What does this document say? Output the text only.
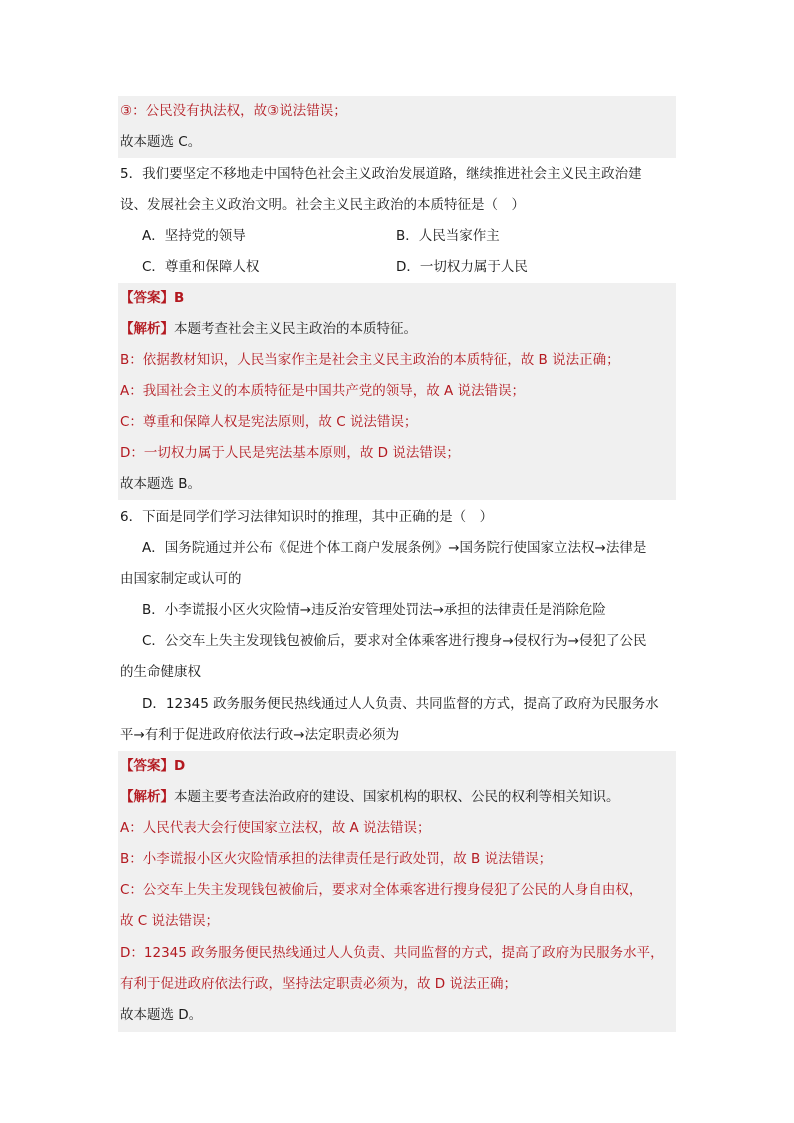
③：公民没有执法权，故③说法错误；
故本题选 C。
5．我们要坚定不移地走中国特色社会主义政治发展道路，继续推进社会主义民主政治建
设、发展社会主义政治文明。社会主义民主政治的本质特征是（　）
A．坚持党的领导	B．人民当家作主
C．尊重和保障人权	D．一切权力属于人民
【答案】B
【解析】本题考查社会主义民主政治的本质特征。
B：依据教材知识，人民当家作主是社会主义民主政治的本质特征，故 B 说法正确；
A：我国社会主义的本质特征是中国共产党的领导，故 A 说法错误；
C：尊重和保障人权是宪法原则，故 C 说法错误；
D：一切权力属于人民是宪法基本原则，故 D 说法错误；
故本题选 B。
6．下面是同学们学习法律知识时的推理，其中正确的是（　）
A．国务院通过并公布《促进个体工商户发展条例》→国务院行使国家立法权→法律是
由国家制定或认可的
B．小李谎报小区火灾险情→违反治安管理处罚法→承担的法律责任是消除危险
C．公交车上失主发现钱包被偷后，要求对全体乘客进行搜身→侵权行为→侵犯了公民
的生命健康权
D．12345 政务服务便民热线通过人人负责、共同监督的方式，提高了政府为民服务水
平→有利于促进政府依法行政→法定职责必须为
【答案】D
【解析】本题主要考查法治政府的建设、国家机构的职权、公民的权利等相关知识。
A：人民代表大会行使国家立法权，故 A 说法错误；
B：小李谎报小区火灾险情承担的法律责任是行政处罚，故 B 说法错误；
C：公交车上失主发现钱包被偷后，要求对全体乘客进行搜身侵犯了公民的人身自由权，
故 C 说法错误；
D：12345 政务服务便民热线通过人人负责、共同监督的方式，提高了政府为民服务水平，
有利于促进政府依法行政，坚持法定职责必须为，故 D 说法正确；
故本题选 D。
